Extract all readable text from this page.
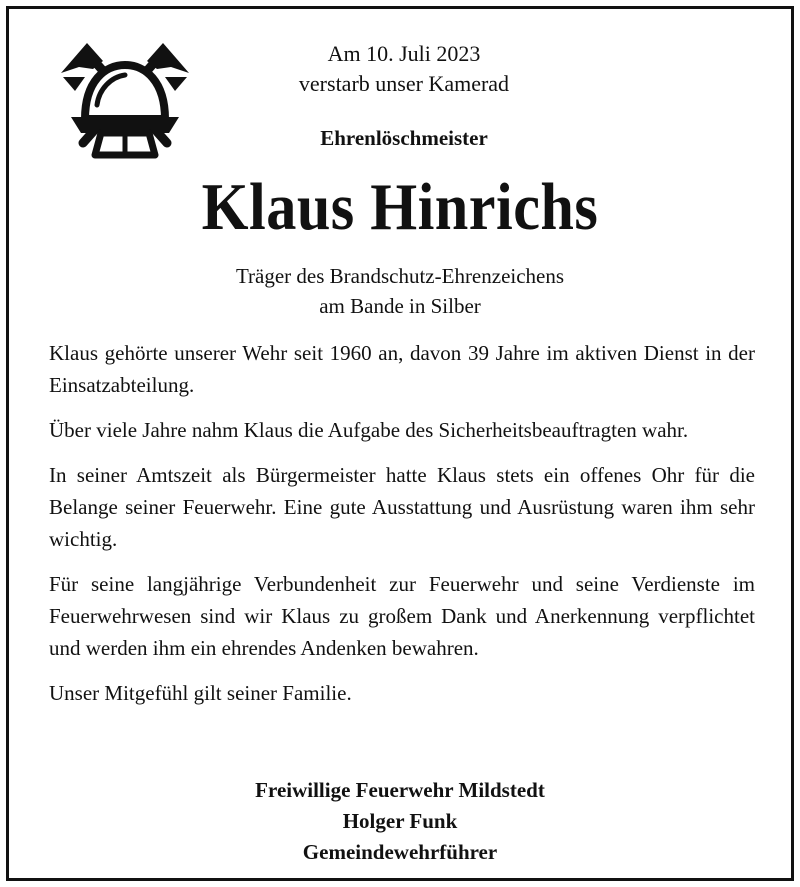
Am 10. Juli 2023
verstarb unser Kamerad
Ehrenlöschmeister
Klaus Hinrichs
Träger des Brandschutz-Ehrenzeichens
am Bande in Silber

Klaus gehörte unserer Wehr seit 1960 an, davon 39 Jahre im aktiven Dienst in der Einsatzabteilung.

Über viele Jahre nahm Klaus die Aufgabe des Sicherheitsbeauftragten wahr.

In seiner Amtszeit als Bürgermeister hatte Klaus stets ein offenes Ohr für die Belange seiner Feuerwehr. Eine gute Ausstattung und Ausrüstung waren ihm sehr wichtig.

Für seine langjährige Verbundenheit zur Feuerwehr und seine Verdienste im Feuerwehrwesen sind wir Klaus zu großem Dank und Anerkennung verpflichtet und werden ihm ein ehrendes Andenken bewahren.

Unser Mitgefühl gilt seiner Familie.

Freiwillige Feuerwehr Mildstedt
Holger Funk
Gemeindewehrführer
